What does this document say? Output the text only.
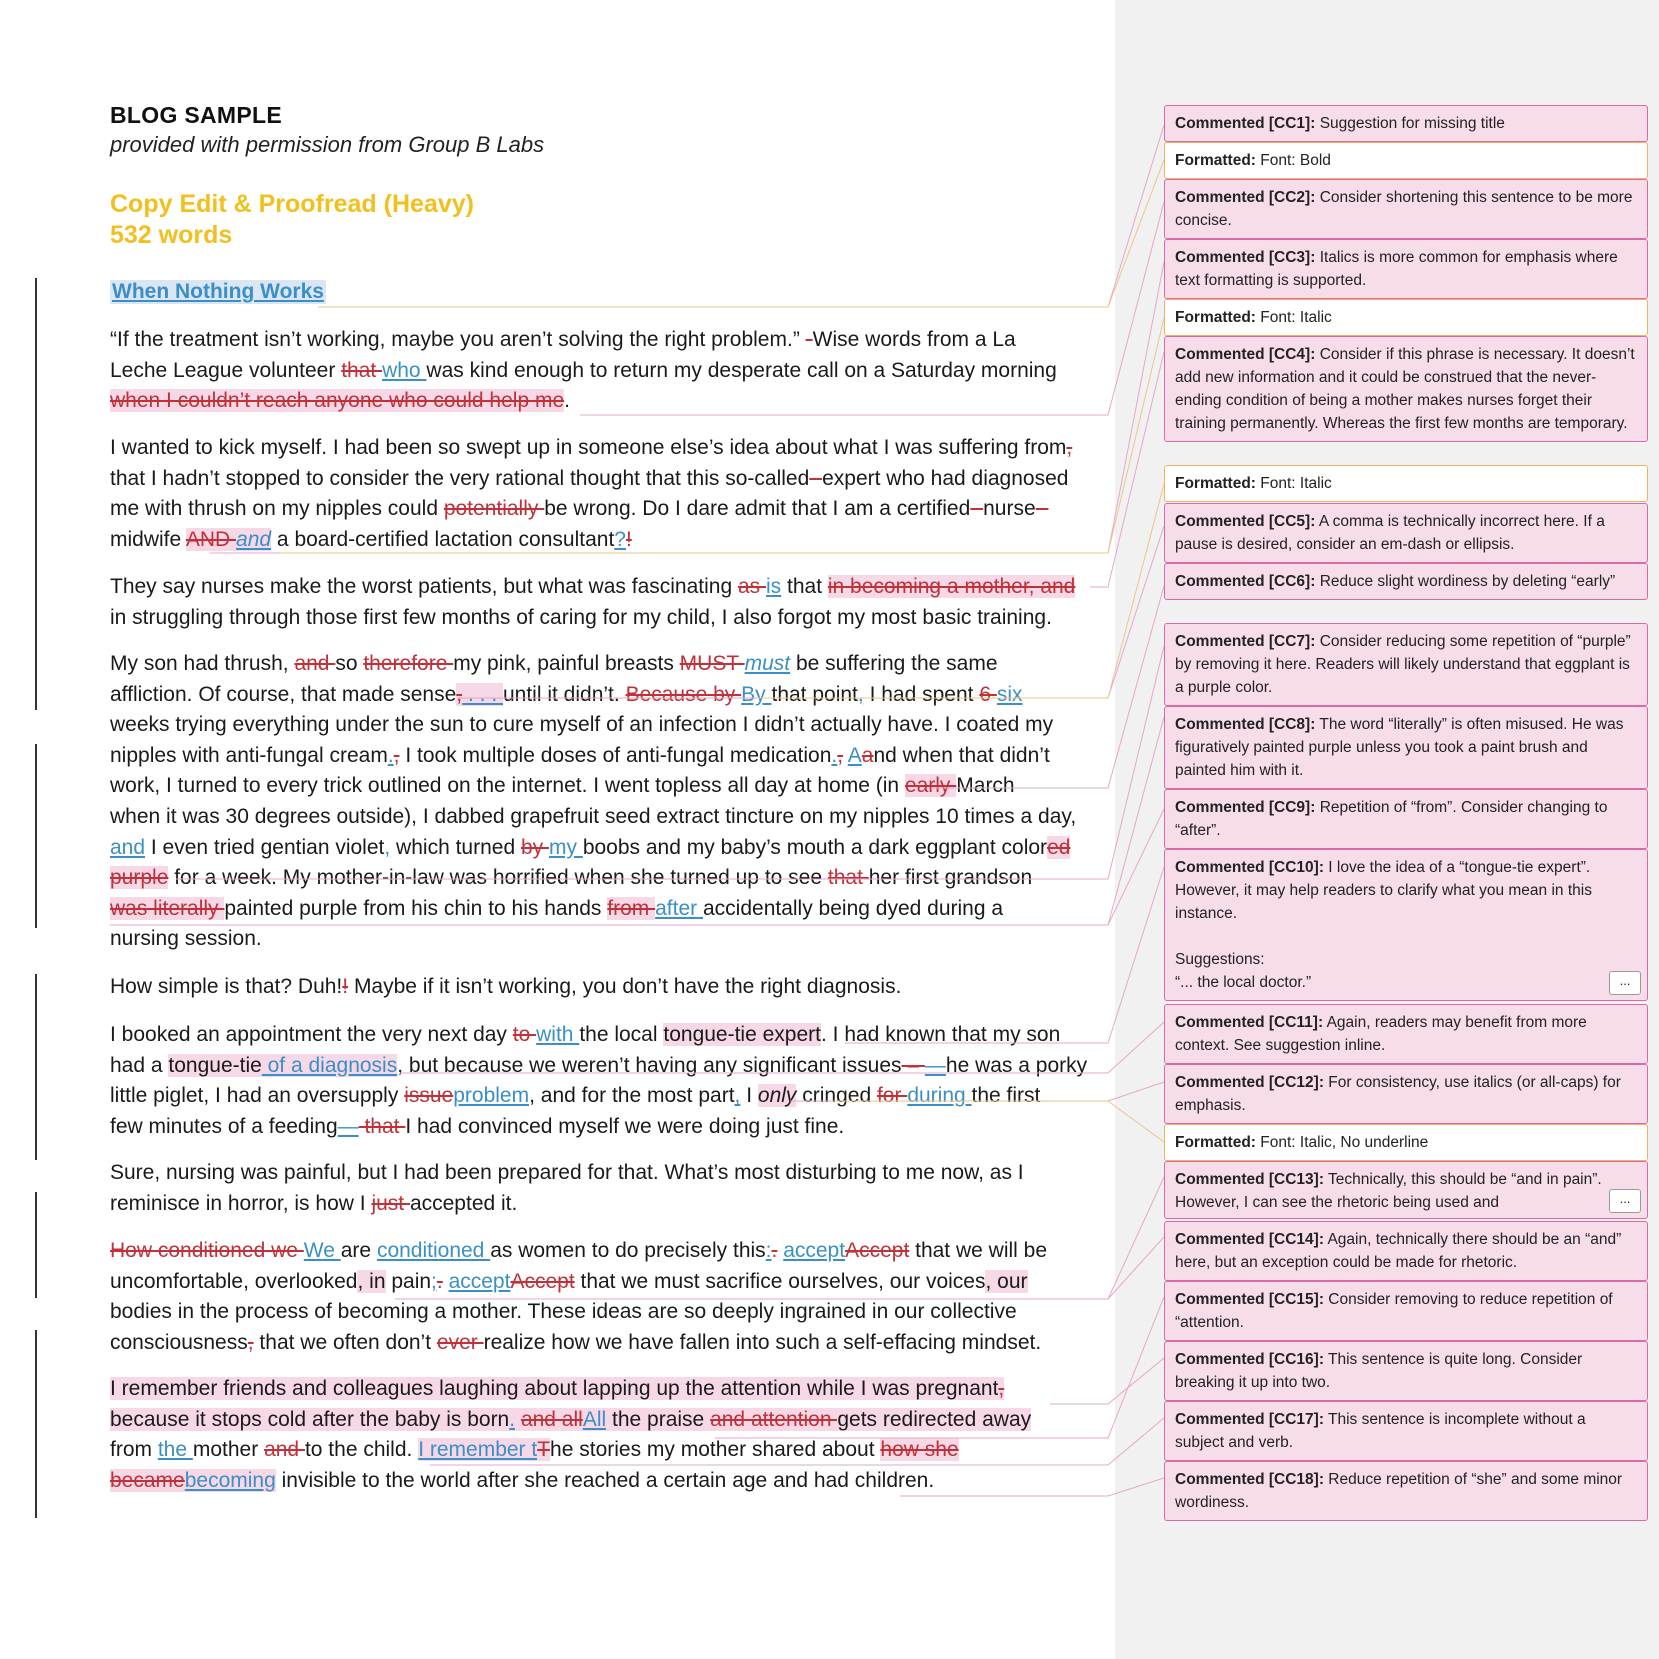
BLOG SAMPLE
provided with permission from Group B Labs
Copy Edit & Proofread (Heavy)
532 words
When Nothing Works
“If the treatment isn’t working, maybe you aren’t solving the right problem.” -Wise words from a La
Leche League volunteer that who was kind enough to return my desperate call on a Saturday morning
when I couldn’t reach anyone who could help me.
I wanted to kick myself. I had been so swept up in someone else’s idea about what I was suffering from,
that I hadn’t stopped to consider the very rational thought that this so-called -expert who had diagnosed
me with thrush on my nipples could potentially be wrong. Do I dare admit that I am a certified -nurse -
midwife AND and a board-certified lactation consultant?!
They say nurses make the worst patients, but what was fascinating as is that in becoming a mother, and
in struggling through those first few months of caring for my child, I also forgot my most basic training.
My son had thrush, and so therefore my pink, painful breasts MUST must be suffering the same
affliction. Of course, that made sense, . . . until it didn’t. Because by By that point, I had spent 6 six
weeks trying everything under the sun to cure myself of an infection I didn’t actually have. I coated my
nipples with anti-fungal cream., I took multiple doses of anti-fungal medication., Aand when that didn’t
work, I turned to every trick outlined on the internet. I went topless all day at home (in early March
when it was 30 degrees outside), I dabbed grapefruit seed extract tincture on my nipples 10 times a day,
and I even tried gentian violet, which turned by my boobs and my baby’s mouth a dark eggplant colored
purple for a week. My mother-in-law was horrified when she turned up to see that her first grandson
was literally painted purple from his chin to his hands from after accidentally being dyed during a
nursing session.
How simple is that? Duh!! Maybe if it isn’t working, you don’t have the right diagnosis.
I booked an appointment the very next day to with the local tongue-tie expert. I had known that my son
had a tongue-tie of a diagnosis, but because we weren’t having any significant issues – —he was a porky
little piglet, I had an oversupply issueproblem, and for the most part, I only cringed for during the first
few minutes of a feeding— that I had convinced myself we were doing just fine.
Sure, nursing was painful, but I had been prepared for that. What’s most disturbing to me now, as I
reminisce in horror, is how I just accepted it.
How conditioned we We are conditioned as women to do precisely this:. acceptAccept that we will be
uncomfortable, overlooked, in pain;. acceptAccept that we must sacrifice ourselves, our voices, our
bodies in the process of becoming a mother. These ideas are so deeply ingrained in our collective
consciousness, that we often don’t ever realize how we have fallen into such a self-effacing mindset.
I remember friends and colleagues laughing about lapping up the attention while I was pregnant,
because it stops cold after the baby is born. and allAll the praise and attention gets redirected away
from the mother and to the child. I remember tThe stories my mother shared about how she
becamebecoming invisible to the world after she reached a certain age and had children.
Commented [CC1]: Suggestion for missing title
Formatted: Font: Bold
Commented [CC2]: Consider shortening this sentence to be more concise.
Commented [CC3]: Italics is more common for emphasis where text formatting is supported.
Formatted: Font: Italic
Commented [CC4]: Consider if this phrase is necessary. It doesn’t add new information and it could be construed that the never-ending condition of being a mother makes nurses forget their training permanently. Whereas the first few months are temporary.
Formatted: Font: Italic
Commented [CC5]: A comma is technically incorrect here. If a pause is desired, consider an em-dash or ellipsis.
Commented [CC6]: Reduce slight wordiness by deleting “early”
Commented [CC7]: Consider reducing some repetition of “purple” by removing it here. Readers will likely understand that eggplant is a purple color.
Commented [CC8]: The word “literally” is often misused. He was figuratively painted purple unless you took a paint brush and painted him with it.
Commented [CC9]: Repetition of “from”. Consider changing to “after”.
Commented [CC10]: I love the idea of a “tongue-tie expert”. However, it may help readers to clarify what you mean in this instance.

Suggestions:
“... the local doctor.”	...
Commented [CC11]: Again, readers may benefit from more context. See suggestion inline.
Commented [CC12]: For consistency, use italics (or all-caps) for emphasis.
Formatted: Font: Italic, No underline
Commented [CC13]: Technically, this should be “and in pain”. However, I can see the rhetoric being used and	...
Commented [CC14]: Again, technically there should be an “and” here, but an exception could be made for rhetoric.
Commented [CC15]: Consider removing to reduce repetition of “attention.
Commented [CC16]: This sentence is quite long. Consider breaking it up into two.
Commented [CC17]: This sentence is incomplete without a subject and verb.
Commented [CC18]: Reduce repetition of “she” and some minor wordiness.
